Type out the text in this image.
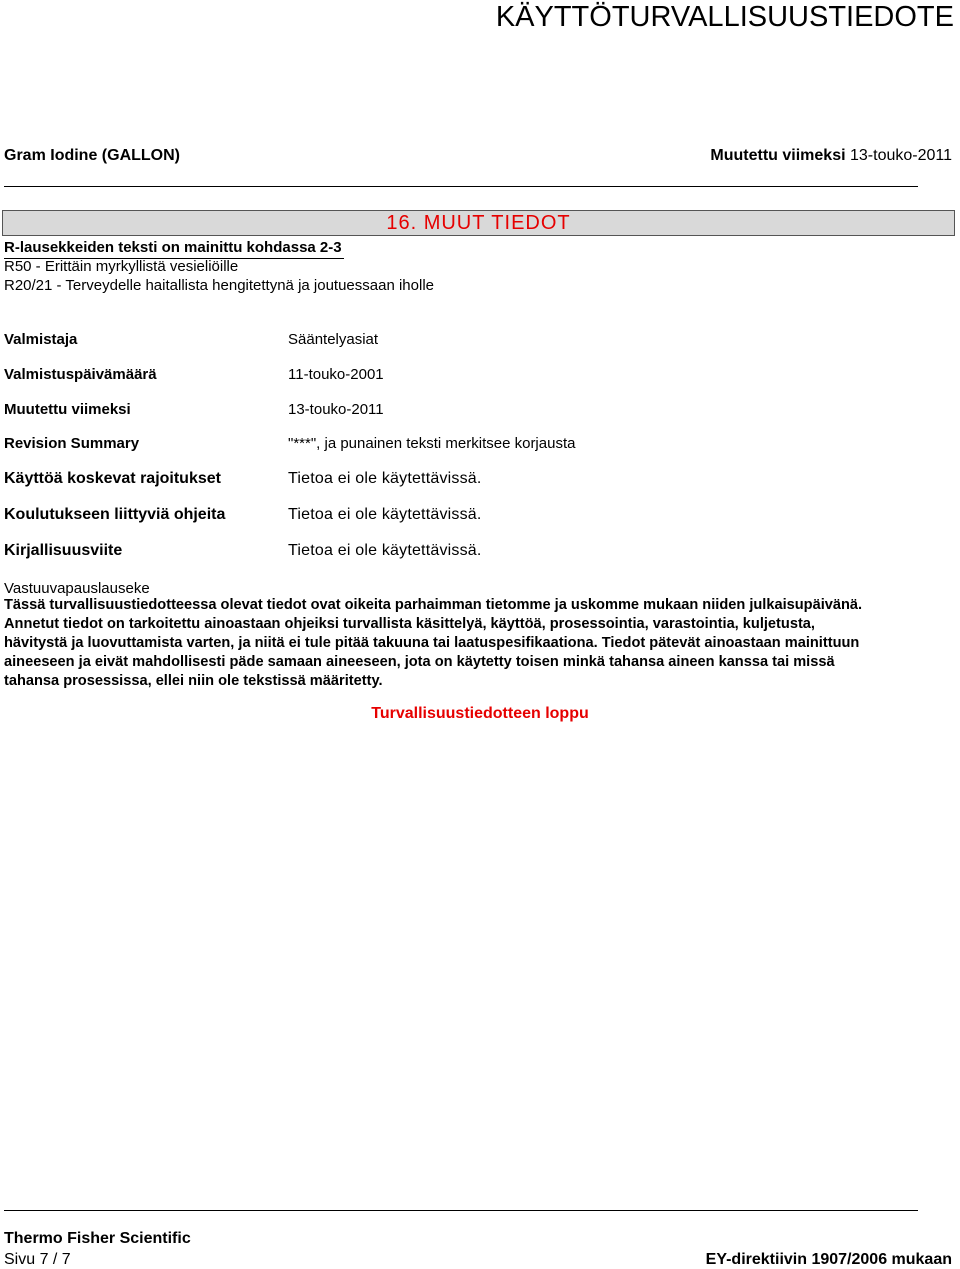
KÄYTTÖTURVALLISUUSTIEDOTE
Gram Iodine (GALLON)	Muutettu viimeksi 13-touko-2011
16. MUUT TIEDOT
R-lausekkeiden teksti on mainittu kohdassa 2-3
R50 - Erittäin myrkyllistä vesieliöille
R20/21 - Terveydelle haitallista hengitettynä ja joutuessaan iholle
Valmistaja	Sääntelyasiat
Valmistuspäivämäärä	11-touko-2001
Muutettu viimeksi	13-touko-2011
Revision Summary	"***", ja punainen teksti merkitsee korjausta
Käyttöä koskevat rajoitukset	Tietoa ei ole käytettävissä.
Koulutukseen liittyviä ohjeita	Tietoa ei ole käytettävissä.
Kirjallisuusviite	Tietoa ei ole käytettävissä.
Vastuuvapauslauseke
Tässä turvallisuustiedotteessa olevat tiedot ovat oikeita parhaimman tietomme ja uskomme mukaan niiden julkaisupäivänä.
Annetut tiedot on tarkoitettu ainoastaan ohjeiksi turvallista käsittelyä, käyttöä, prosessointia, varastointia, kuljetusta,
hävitystä ja luovuttamista varten, ja niitä ei tule pitää takuuna tai laatuspesifikaationa. Tiedot pätevät ainoastaan mainittuun
aineeseen ja eivät mahdollisesti päde samaan aineeseen, jota on käytetty toisen minkä tahansa aineen kanssa tai missä
tahansa prosessissa, ellei niin ole tekstissä määritetty.
Turvallisuustiedotteen loppu
Thermo Fisher Scientific
Sivu 7 / 7	EY-direktiivin 1907/2006 mukaan
